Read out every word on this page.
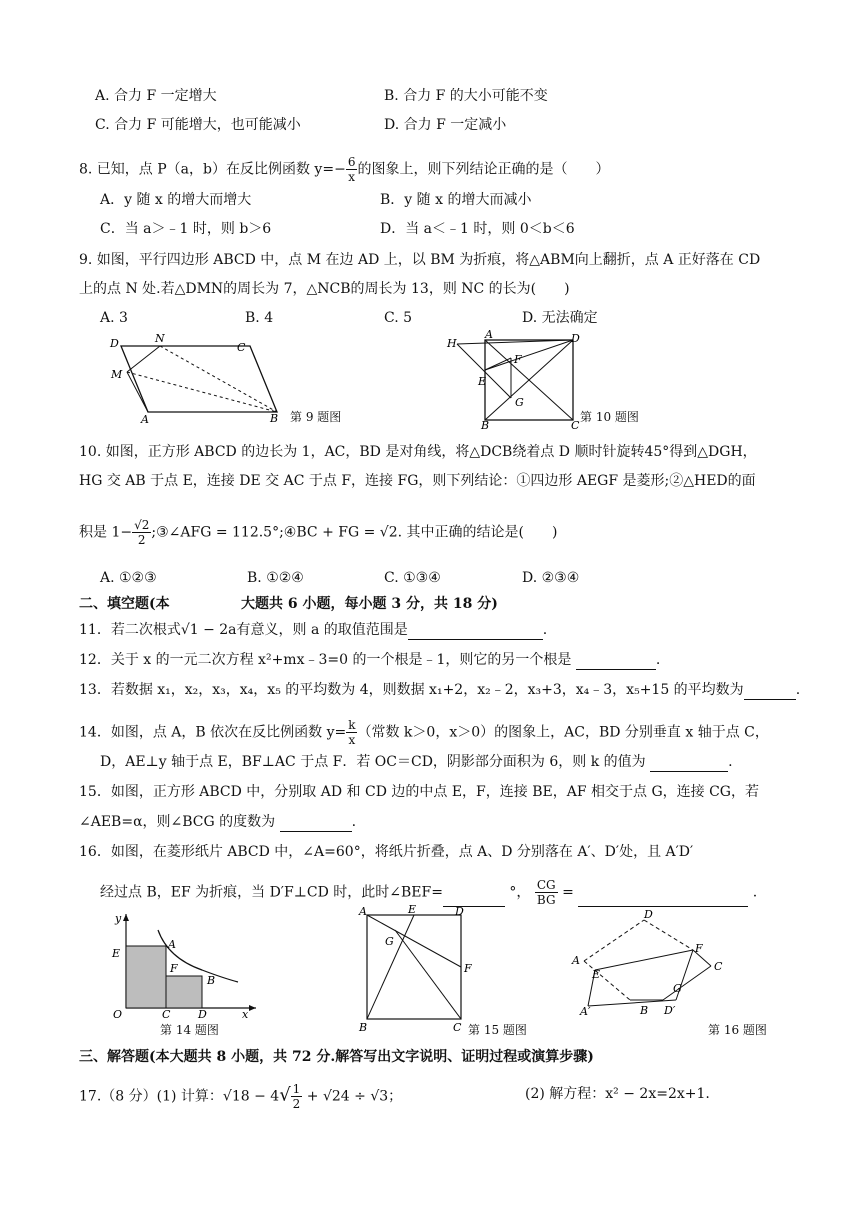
A. 合力 F 一定增大	B. 合力 F 的大小可能不变
C. 合力 F 可能增大，也可能减小	D. 合力 F 一定减小
8. 已知，点 P（a，b）在反比例函数 $y=- \frac{6}{x}$ 的图象上，则下列结论正确的是（　　）
A．y 随 x 的增大而增大	B．y 随 x 的增大而减小
C．当 a＞﹣1 时，则 b＞6	D．当 a＜﹣1 时，则 0＜b＜6
9. 如图，平行四边形 ABCD 中，点 M 在边 AD 上，以 BM 为折痕，将△ABM向上翻折，点 A 正好落在 CD
上的点 N 处.若△DMN的周长为 7，△NCB的周长为 13，则 NC 的长为(　　)
A. 3	B. 4	C. 5	D. 无法确定
D	N
C
M
A	B 第 9 题图
H
A	D
F
E
G
B	C
第 10 题图
10. 如图，正方形 ABCD 的边长为 1，AC，BD 是对角线，将△DCB绕着点 D 顺时针旋转45°得到△DGH，
HG 交 AB 于点 E，连接 DE 交 AC 于点 F，连接 FG，则下列结论：①四边形 AEGF 是菱形;②△HED的面
积是 $1- \frac{√2}{2}$ ;③∠AFG = 112.5°;④BC + FG = √2. 其中正确的结论是(　　)
A. ①②③	B. ①②④	C. ①③④	D. ②③④
二、填空题(本	大题共 6 小题，每小题 3 分，共 18 分)
11．若二次根式√1 − 2a有意义，则 a 的取值范围是	.
12．关于 x 的一元二次方程 x²+mx﹣3=0 的一个根是﹣1，则它的另一个根是	.
13．若数据 x₁，x₂，x₃，x₄，x₅ 的平均数为 4，则数据 x₁+2，x₂﹣2，x₃+3，x₄﹣3，x₅+15 的平均数为	.
14．如图，点 A，B 依次在反比例函数 $y= \frac{k}{x}$ （常数 k＞0，x＞0）的图象上，AC，BD 分别垂直 x 轴于点 C，
D，AE⊥y 轴于点 E，BF⊥AC 于点 F．若 OC＝CD，阴影部分面积为 6，则 k 的值为	.
15．如图，正方形 ABCD 中，分别取 AD 和 CD 边的中点 E，F，连接 BE，AF 相交于点 G，连接 CG，若
∠AEB=α，则∠BCG 的度数为	.
16．如图，在菱形纸片 ABCD 中，∠A=60°，将纸片折叠，点 A、D 分别落在 A′、D′处，且 A′D′
经过点 B，EF 为折痕，当 D′F⊥CD 时，此时∠BEF=	°， $\frac{CG}{BG}$ =	.
y
E
A
F
B
O	C	D	x
第 14 题图
A	E	D
G
F
B	C 第 15 题图
D
F
C
A
E
G
A′	B D′
第 16 题图
三、解答题(本大题共 8 小题，共 72 分.解答写出文字说明、证明过程或演算步骤)
17.（8 分）(1) 计算：$√18 - 4√ \frac{1}{2} + √24 \div √3$；	(2) 解方程：x² − 2x=2x+1.
